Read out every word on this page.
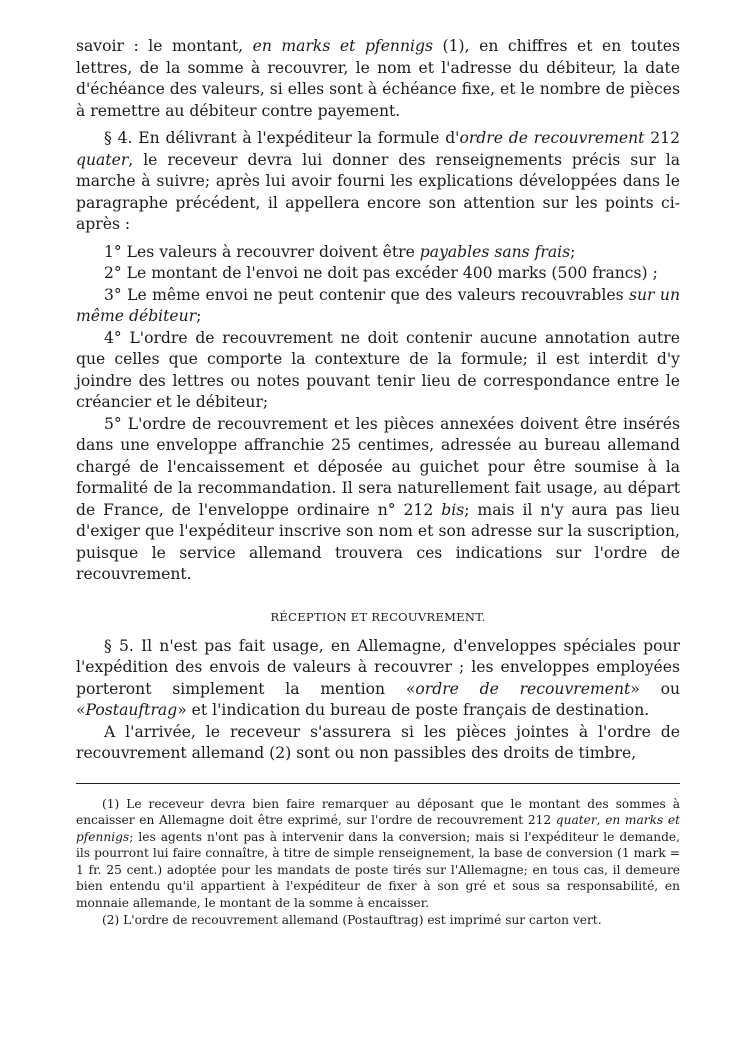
savoir : le montant, en marks et pfennigs (1), en chiffres et en toutes lettres, de la somme à recouvrer, le nom et l'adresse du débiteur, la date d'échéance des valeurs, si elles sont à échéance fixe, et le nombre de pièces à remettre au débiteur contre payement.

§ 4. En délivrant à l'expéditeur la formule d'ordre de recouvrement 212 quater, le receveur devra lui donner des renseignements précis sur la marche à suivre; après lui avoir fourni les explications développées dans le paragraphe précédent, il appellera encore son attention sur les points ci-après :

1° Les valeurs à recouvrer doivent être payables sans frais;

2° Le montant de l'envoi ne doit pas excéder 400 marks (500 francs) ;

3° Le même envoi ne peut contenir que des valeurs recouvrables sur un même débiteur;

4° L'ordre de recouvrement ne doit contenir aucune annotation autre que celles que comporte la contexture de la formule; il est interdit d'y joindre des lettres ou notes pouvant tenir lieu de correspondance entre le créancier et le débiteur;

5° L'ordre de recouvrement et les pièces annexées doivent être insérés dans une enveloppe affranchie 25 centimes, adressée au bureau allemand chargé de l'encaissement et déposée au guichet pour être soumise à la formalité de la recommandation. Il sera naturellement fait usage, au départ de France, de l'enveloppe ordinaire n° 212 bis; mais il n'y aura pas lieu d'exiger que l'expéditeur inscrive son nom et son adresse sur la suscription, puisque le service allemand trouvera ces indications sur l'ordre de recouvrement.

RÉCEPTION ET RECOUVREMENT.

§ 5. Il n'est pas fait usage, en Allemagne, d'enveloppes spéciales pour l'expédition des envois de valeurs à recouvrer ; les enveloppes employées porteront simplement la mention «ordre de recouvrement» ou «Postauftrag» et l'indication du bureau de poste français de destination.

A l'arrivée, le receveur s'assurera si les pièces jointes à l'ordre de recouvrement allemand (2) sont ou non passibles des droits de timbre,

(1) Le receveur devra bien faire remarquer au déposant que le montant des sommes à encaisser en Allemagne doit être exprimé, sur l'ordre de recouvrement 212 quater, en marks et pfennigs; les agents n'ont pas à intervenir dans la conversion; mais si l'expéditeur le demande, ils pourront lui faire connaître, à titre de simple renseignement, la base de conversion (1 mark = 1 fr. 25 cent.) adoptée pour les mandats de poste tirés sur l'Allemagne; en tous cas, il demeure bien entendu qu'il appartient à l'expéditeur de fixer à son gré et sous sa responsabilité, en monnaie allemande, le montant de la somme à encaisser.

(2) L'ordre de recouvrement allemand (Postauftrag) est imprimé sur carton vert.
